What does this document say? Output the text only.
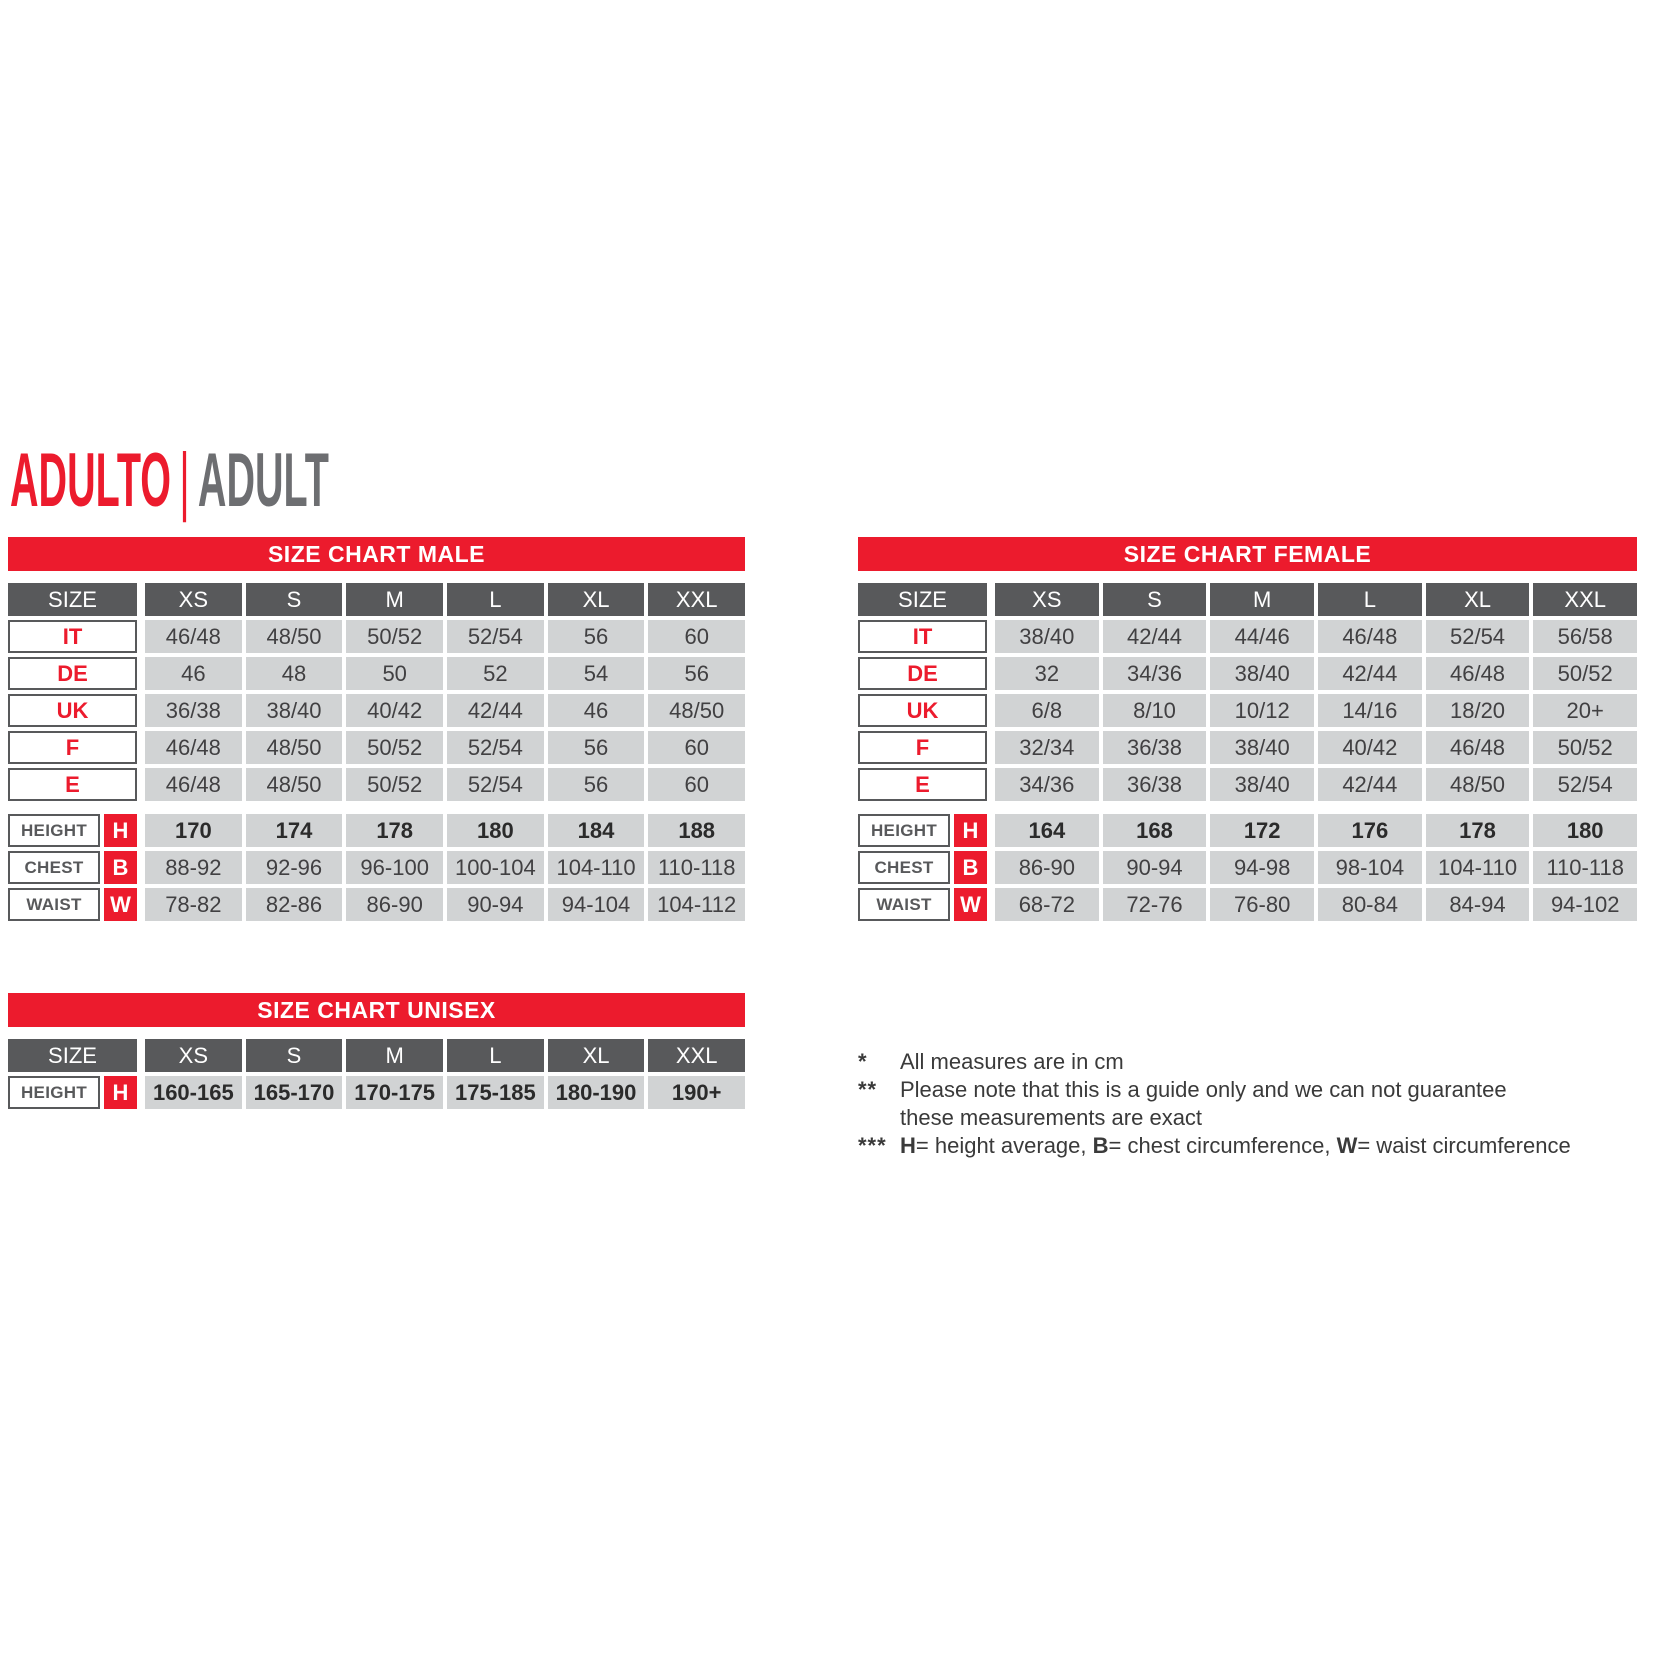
ADULTO | ADULT
SIZE CHART MALE
SIZE	XS	S	M	L	XL	XXL
IT	46/48	48/50	50/52	52/54	56	60
DE	46	48	50	52	54	56
UK	36/38	38/40	40/42	42/44	46	48/50
F	46/48	48/50	50/52	52/54	56	60
E	46/48	48/50	50/52	52/54	56	60
HEIGHT	H	170	174	178	180	184	188
CHEST	B	88-92	92-96	96-100	100-104 104-110	110-118
WAIST	W	78-82	82-86	86-90	90-94	94-104	104-112
SIZE CHART FEMALE
SIZE	XS	S	M	L	XL	XXL
IT	38/40	42/44	44/46	46/48	52/54	56/58
DE	32	34/36	38/40	42/44	46/48	50/52
UK	6/8	8/10	10/12	14/16	18/20	20+
F	32/34	36/38	38/40	40/42	46/48	50/52
E	34/36	36/38	38/40	42/44	48/50	52/54
HEIGHT	H	164	168	172	176	178	180
CHEST	B	86-90	90-94	94-98	98-104	104-110	110-118
WAIST	W	68-72	72-76	76-80	80-84	84-94	94-102
SIZE CHART UNISEX
SIZE	XS	S	M	L	XL	XXL
HEIGHT	H	160-165 165-170 170-175 175-185 180-190	190+
*	All measures are in cm
**	Please note that this is a guide only and we can not guarantee these measurements are exact
*** H= height average, B= chest circumference, W= waist circumference
